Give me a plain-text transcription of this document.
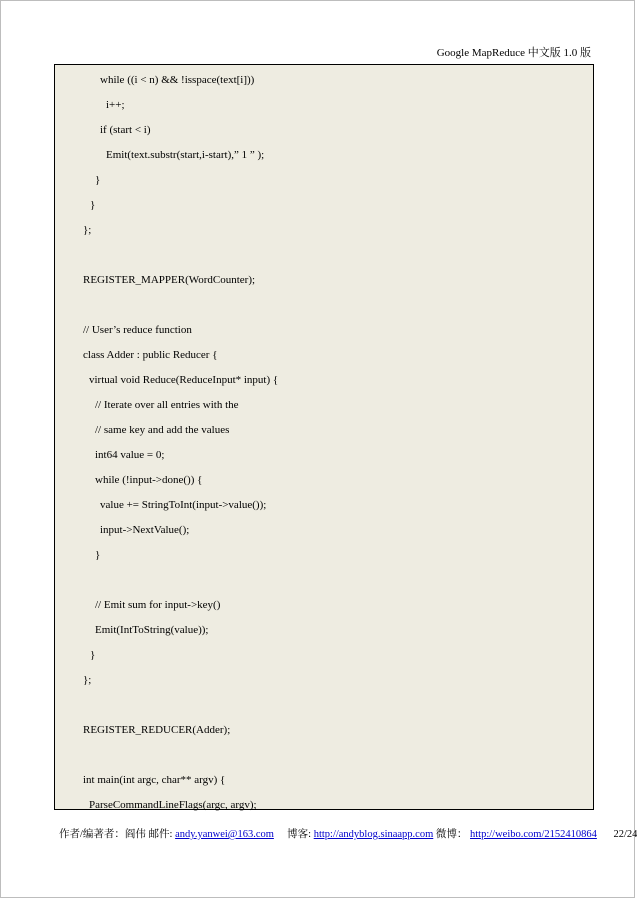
Google MapReduce 中文版 1.0 版
while ((i < n) && !isspace(text[i]))
i++;
if (start < i)
Emit(text.substr(start,i-start),” 1 ” );
}
}
};
REGISTER_MAPPER(WordCounter);
// User’s reduce function
class Adder : public Reducer {
virtual void Reduce(ReduceInput* input) {
// Iterate over all entries with the
// same key and add the values
int64 value = 0;
while (!input->done()) {
value += StringToInt(input->value());
input->NextValue();
}
// Emit sum for input->key()
Emit(IntToString(value));
}
};
REGISTER_REDUCER(Adder);
int main(int argc, char** argv) {
ParseCommandLineFlags(argc, argv);
作者/编著者：阎伟 邮件: andy.yanwei@163.com 博客: http://andyblog.sinaapp.com 微博： http://weibo.com/2152410864 22/24
